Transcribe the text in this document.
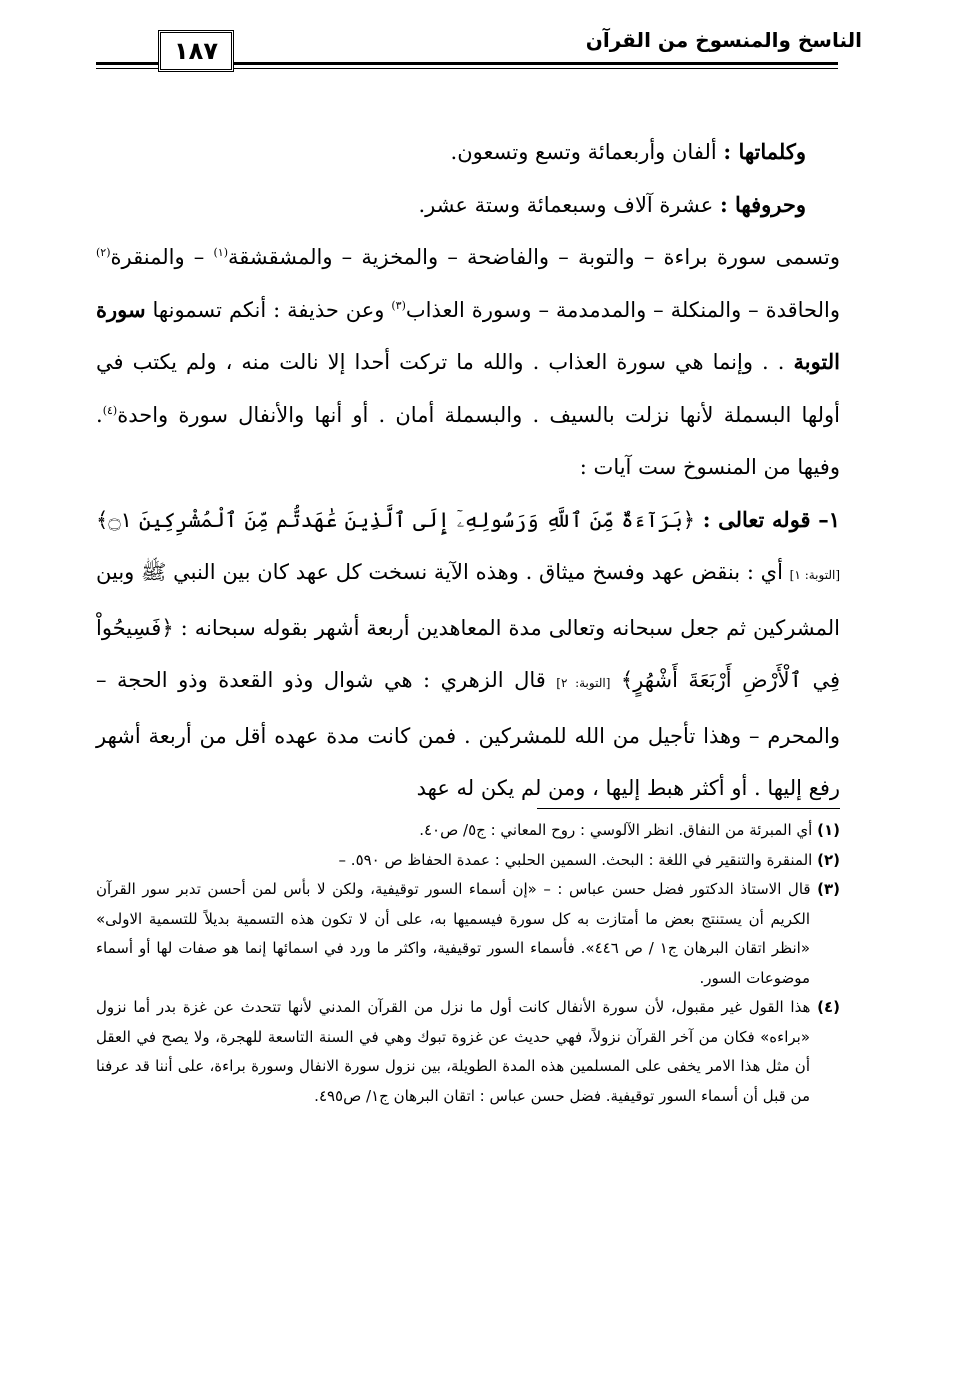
الناسخ والمنسوخ من القرآن
١٨٧

وكلماتها : ألفان وأربعمائة وتسع وتسعون.

وحروفها : عشرة آلاف وسبعمائة وستة عشر.

وتسمى سورة براءة – والتوبة – والفاضحة – والمخزية – والمشقشقة$^{(١)}$ – والمنقرة$^{(٢)}$ والحاقدة – والمنكلة – والمدمدمة – وسورة العذاب$^{(٣)}$ وعن حذيفة : أنكم تسمونها سورة التوبة . . وإنما هي سورة العذاب . والله ما تركت أحدا إلا نالت منه ، ولم يكتب في أولها البسملة لأنها نزلت بالسيف . والبسملة أمان . أو أنها والأنفال سورة واحدة$^{(٤)}$. وفيها من المنسوخ ست آيات :

١– قوله تعالى : ﴿بَرَآءَةٌ مِّنَ ٱللَّهِ وَرَسُولِهِۦٓ إِلَى ٱلَّذِينَ عَٰهَدتُّم مِّنَ ٱلْمُشْرِكِينَ ۝١﴾ [التوبة: ١] أي : بنقض عهد وفسخ ميثاق . وهذه الآية نسخت كل عهد كان بين النبي ﷺ وبين المشركين ثم جعل سبحانه وتعالى مدة المعاهدين أربعة أشهر بقوله سبحانه : ﴿فَسِيحُواْ فِي ٱلْأَرْضِ أَرْبَعَةَ أَشْهُرٍ﴾ [التوبة: ٢] قال الزهري : هي شوال وذو القعدة وذو الحجة – والمحرم – وهذا تأجيل من الله للمشركين . فمن كانت مدة عهده أقل من أربعة أشهر رفع إليها . أو أكثر هبط إليها ، ومن لم يكن له عهد

(١) أي المبرئة من النفاق. انظر الآلوسي : روح المعاني : ج٥/ ص٤٠.

(٢) المنقرة والتنقير في اللغة : البحث. السمين الحلبي : عمدة الحفاظ ص ٥٩٠. –

(٣) قال الاستاذ الدكتور فضل حسن عباس : – «إن أسماء السور توقيفية، ولكن لا بأس لمن أحسن تدبر سور القرآن الكريم أن يستنتج بعض ما أمتازت به كل سورة فيسميها به، على أن لا تكون هذه التسمية بديلاً للتسمية الاولى» «انظر اتقان البرهان ج١ / ص ٤٤٦». فأسماء السور توقيفية، واكثر ما ورد في اسمائها إنما هو صفات لها أو أسماء موضوعات السور.

(٤) هذا القول غير مقبول، لأن سورة الأنفال كانت أول ما نزل من القرآن المدني لأنها تتحدث عن غزة بدر أما نزول «براءه» فكان من آخر القرآن نزولاً، فهي حديث عن غزوة تبوك وهي في السنة التاسعة للهجرة، ولا يصح في العقل أن مثل هذا الامر يخفى على المسلمين هذه المدة الطويلة، بين نزول سورة الانفال وسورة براءة، على أننا قد عرفنا من قبل أن أسماء السور توقيفية. فضل حسن عباس : اتقان البرهان ج١/ ص٤٩٥.
